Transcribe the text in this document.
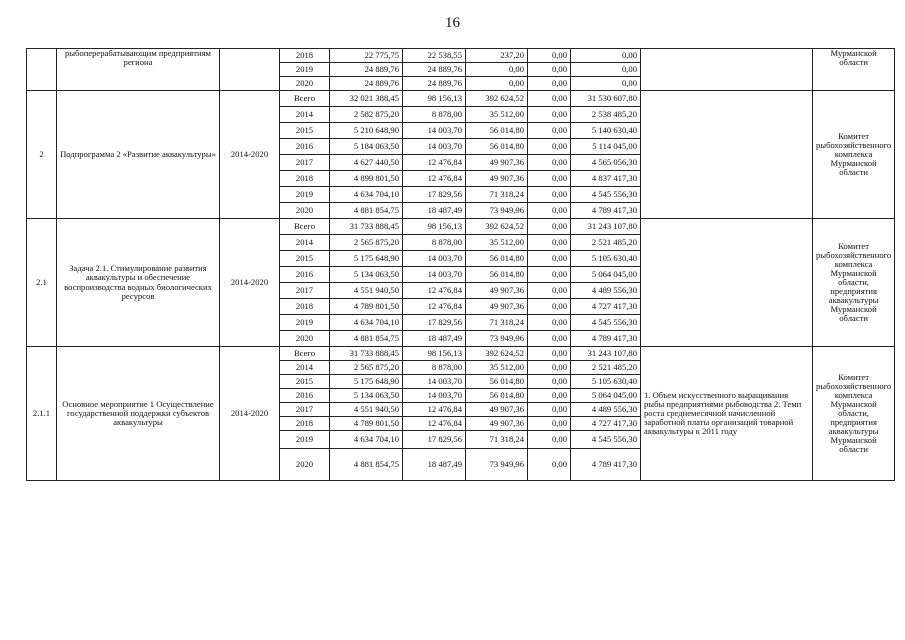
16
	рыбоперерабатывающим предприятиям региона		2018	22 775,75	22 538,55	237,20	0,00	0,00		Мурманской области
			2019	24 889,76	24 889,76	0,00	0,00	0,00		
			2020	24 889,76	24 889,76	0,00	0,00	0,00		
2	Подпрограмма 2 «Развитие аквакультуры»	2014-2020	Всего	32 021 388,45	98 156,13	392 624,52	0,00	31 530 607,80		Комитет рыбохозяйственного комплекса Мурманской области
			2014	2 582 875,20	8 878,00	35 512,00	0,00	2 538 485,20		
			2015	5 210 648,90	14 003,70	56 014,80	0,00	5 140 630,40		
			2016	5 184 063,50	14 003,70	56 014,80	0,00	5 114 045,00		
			2017	4 627 440,50	12 476,84	49 907,36	0,00	4 565 056,30		
			2018	4 899 801,50	12 476,84	49 907,36	0,00	4 837 417,30		
			2019	4 634 704,10	17 829,56	71 318,24	0,00	4 545 556,30		
			2020	4 881 854,75	18 487,49	73 949,96	0,00	4 789 417,30		
2.1	Задача 2.1. Стимулирование развития аквакультуры и обеспечение воспроизводства водных биологических ресурсов	2014-2020	Всего	31 733 888,45	98 156,13	392 624,52	0,00	31 243 107,80		Комитет рыбохозяйственного комплекса Мурманской области, предприятия аквакультуры Мурманской области
			2014	2 565 875,20	8 878,00	35 512,00	0,00	2 521 485,20		
			2015	5 175 648,90	14 003,70	56 014,80	0,00	5 105 630,40		
			2016	5 134 063,50	14 003,70	56 014,80	0,00	5 064 045,00		
			2017	4 551 940,50	12 476,84	49 907,36	0,00	4 489 556,30		
			2018	4 789 801,50	12 476,84	49 907,36	0,00	4 727 417,30		
			2019	4 634 704,10	17 829,56	71 318,24	0,00	4 545 556,30		
			2020	4 881 854,75	18 487,49	73 949,96	0,00	4 789 417,30		
2.1.1	Основное мероприятие 1 Осуществление государственной поддержки субъектов аквакультуры	2014-2020	Всего	31 733 888,45	98 156,13	392 624,52	0,00	31 243 107,80	1. Объем искусственного выращивания рыбы предприятиями рыбоводства 2. Темп роста среднемесячной начисленной заработной платы организаций товарной аквакультуры к 2011 году	Комитет рыбохозяйственного комплекса Мурманской области, предприятия аквакультуры Мурманской области
			2014	2 565 875,20	8 878,00	35 512,00	0,00	2 521 485,20		
			2015	5 175 648,90	14 003,70	56 014,80	0,00	5 105 630,40		
			2016	5 134 063,50	14 003,70	56 014,80	0,00	5 064 045,00		
			2017	4 551 940,50	12 476,84	49 907,36	0,00	4 489 556,30		
			2018	4 789 801,50	12 476,84	49 907,36	0,00	4 727 417,30		
			2019	4 634 704,10	17 829,56	71 318,24	0,00	4 545 556,30		
			2020	4 881 854,75	18 487,49	73 949,96	0,00	4 789 417,30		
